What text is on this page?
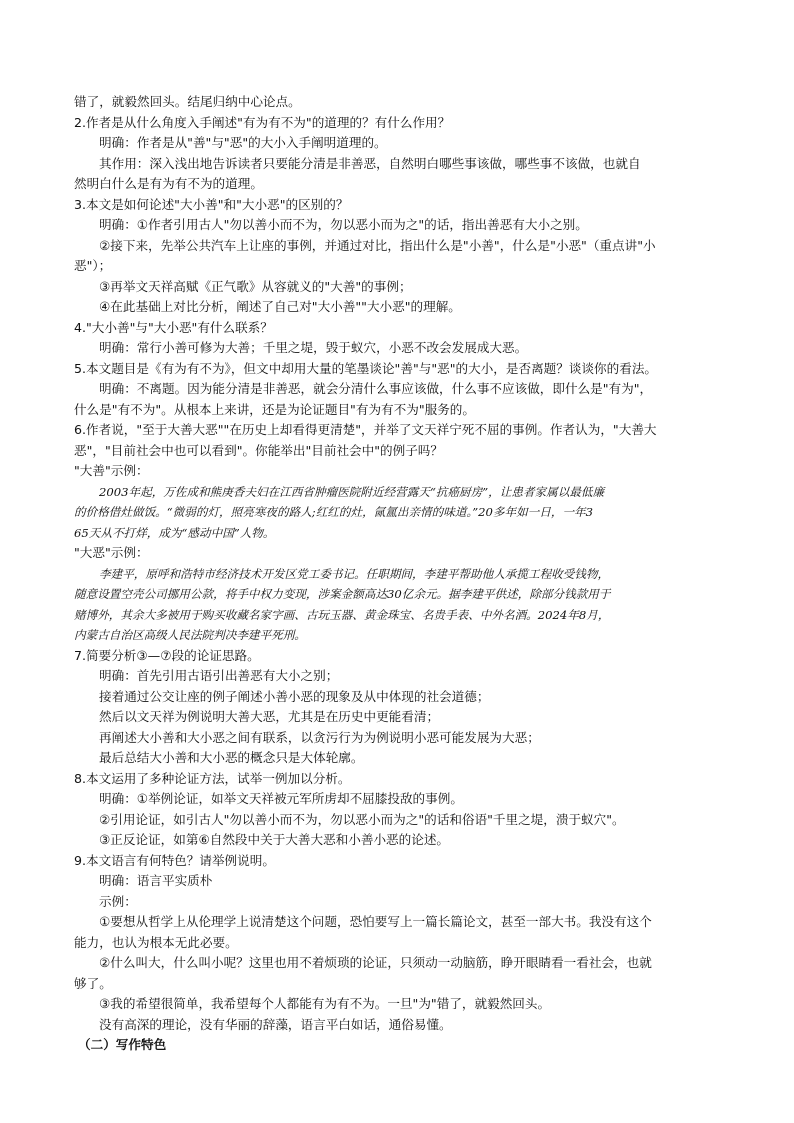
错了，就毅然回头。结尾归纳中心论点。
2.作者是从什么角度入手阐述"有为有不为"的道理的？有什么作用？
明确：作者是从"善"与"恶"的大小入手阐明道理的。
其作用：深入浅出地告诉读者只要能分清是非善恶，自然明白哪些事该做，哪些事不该做，也就自
然明白什么是有为有不为的道理。
3.本文是如何论述"大小善"和"大小恶"的区别的？
明确：①作者引用古人"勿以善小而不为，勿以恶小而为之"的话，指出善恶有大小之别。
②接下来，先举公共汽车上让座的事例，并通过对比，指出什么是"小善"，什么是"小恶"（重点讲"小
恶"）；
③再举文天祥高赋《正气歌》从容就义的"大善"的事例；
④在此基础上对比分析，阐述了自己对"大小善""大小恶"的理解。
4."大小善"与"大小恶"有什么联系？
明确：常行小善可修为大善；千里之堤，毁于蚁穴，小恶不改会发展成大恶。
5.本文题目是《有为有不为》，但文中却用大量的笔墨谈论"善"与"恶"的大小，是否离题？谈谈你的看法。
明确：不离题。因为能分清是非善恶，就会分清什么事应该做，什么事不应该做，即什么是"有为"，
什么是"有不为"。从根本上来讲，还是为论证题目"有为有不为"服务的。
6.作者说，"至于大善大恶""在历史上却看得更清楚"，并举了文天祥宁死不屈的事例。作者认为，"大善大
恶"，"目前社会中也可以看到"。你能举出"目前社会中"的例子吗？
"大善"示例：
2003年起，万佐成和熊庚香夫妇在江西省肿瘤医院附近经营露天“抗癌厨房”，让患者家属以最低廉
的价格借灶做饭。“微弱的灯，照亮寒夜的路人;红红的灶，氤氲出亲情的味道。”20多年如一日，一年3
65天从不打烊，成为“感动中国”人物。
"大恶"示例：
李建平，原呼和浩特市经济技术开发区党工委书记。任职期间，李建平帮助他人承揽工程收受钱物，
随意设置空壳公司挪用公款，将手中权力变现，涉案金额高达30亿余元。据李建平供述，除部分钱款用于
赌博外，其余大多被用于购买收藏名家字画、古玩玉器、黄金珠宝、名贵手表、中外名酒。2024年8月，
内蒙古自治区高级人民法院判决李建平死刑。
7.简要分析③—⑦段的论证思路。
明确：首先引用古语引出善恶有大小之别；
接着通过公交让座的例子阐述小善小恶的现象及从中体现的社会道德；
然后以文天祥为例说明大善大恶，尤其是在历史中更能看清；
再阐述大小善和大小恶之间有联系，以贪污行为为例说明小恶可能发展为大恶；
最后总结大小善和大小恶的概念只是大体轮廓。
8.本文运用了多种论证方法，试举一例加以分析。
明确：①举例论证，如举文天祥被元军所虏却不屈膝投敌的事例。
②引用论证，如引古人"勿以善小而不为，勿以恶小而为之"的话和俗语"千里之堤，溃于蚁穴"。
③正反论证，如第⑥自然段中关于大善大恶和小善小恶的论述。
9.本文语言有何特色？请举例说明。
明确：语言平实质朴
示例：
①要想从哲学上从伦理学上说清楚这个问题，恐怕要写上一篇长篇论文，甚至一部大书。我没有这个
能力，也认为根本无此必要。
②什么叫大，什么叫小呢？这里也用不着烦琐的论证，只须动一动脑筋，睁开眼睛看一看社会，也就
够了。
③我的希望很简单，我希望每个人都能有为有不为。一旦"为"错了，就毅然回头。
没有高深的理论，没有华丽的辞藻，语言平白如话，通俗易懂。
（二）写作特色
